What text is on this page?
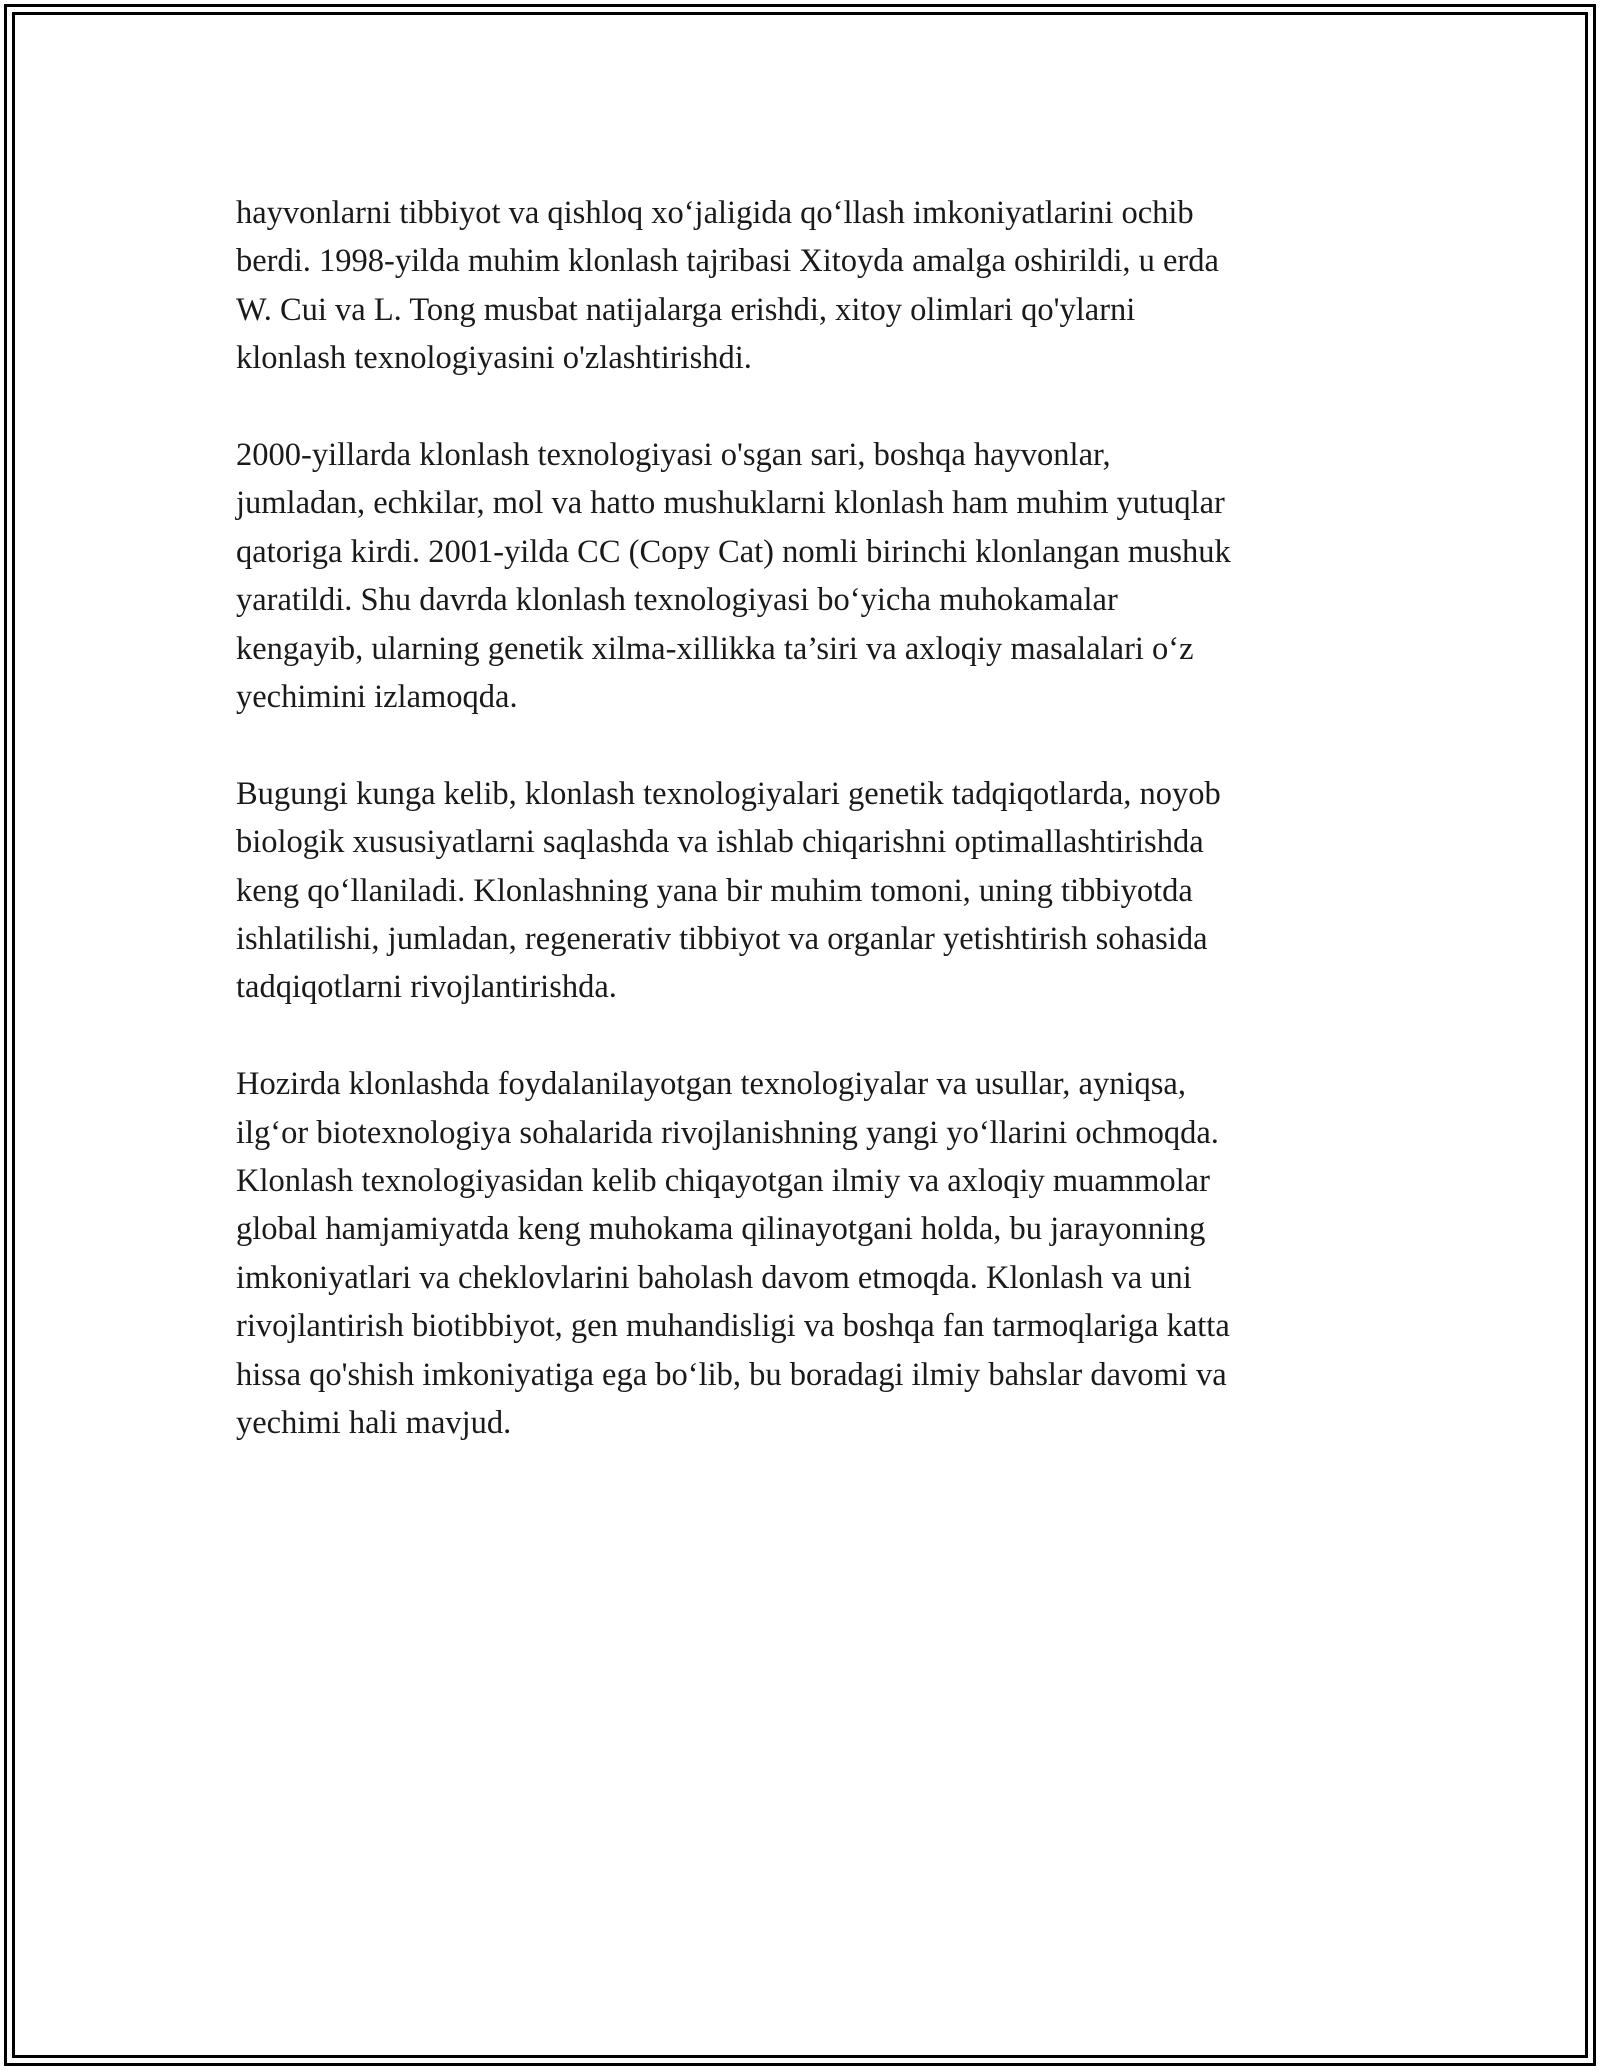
hayvonlarni tibbiyot va qishloq xo‘jaligida qo‘llash imkoniyatlarini ochib
berdi. 1998-yilda muhim klonlash tajribasi Xitoyda amalga oshirildi, u erda
W. Cui va L. Tong musbat natijalarga erishdi, xitoy olimlari qo'ylarni
klonlash texnologiyasini o'zlashtirishdi.

2000-yillarda klonlash texnologiyasi o'sgan sari, boshqa hayvonlar,
jumladan, echkilar, mol va hatto mushuklarni klonlash ham muhim yutuqlar
qatoriga kirdi. 2001-yilda CC (Copy Cat) nomli birinchi klonlangan mushuk
yaratildi. Shu davrda klonlash texnologiyasi bo‘yicha muhokamalar
kengayib, ularning genetik xilma-xillikka ta’siri va axloqiy masalalari o‘z
yechimini izlamoqda.

Bugungi kunga kelib, klonlash texnologiyalari genetik tadqiqotlarda, noyob
biologik xususiyatlarni saqlashda va ishlab chiqarishni optimallashtirishda
keng qo‘llaniladi. Klonlashning yana bir muhim tomoni, uning tibbiyotda
ishlatilishi, jumladan, regenerativ tibbiyot va organlar yetishtirish sohasida
tadqiqotlarni rivojlantirishda.

Hozirda klonlashda foydalanilayotgan texnologiyalar va usullar, ayniqsa,
ilg‘or biotexnologiya sohalarida rivojlanishning yangi yo‘llarini ochmoqda.
Klonlash texnologiyasidan kelib chiqayotgan ilmiy va axloqiy muammolar
global hamjamiyatda keng muhokama qilinayotgani holda, bu jarayonning
imkoniyatlari va cheklovlarini baholash davom etmoqda. Klonlash va uni
rivojlantirish biotibbiyot, gen muhandisligi va boshqa fan tarmoqlariga katta
hissa qo'shish imkoniyatiga ega bo‘lib, bu boradagi ilmiy bahslar davomi va
yechimi hali mavjud.
